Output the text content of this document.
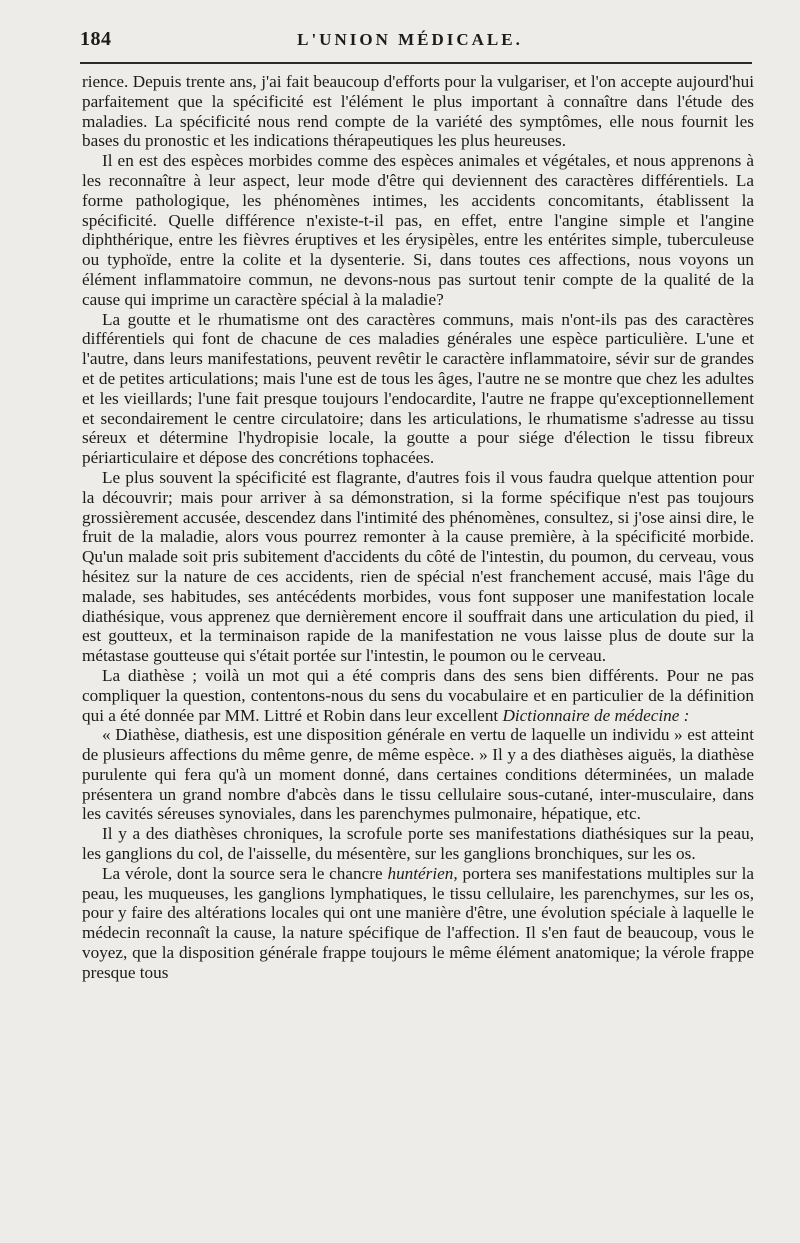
184	L'UNION MÉDICALE.

rience. Depuis trente ans, j'ai fait beaucoup d'efforts pour la vulgariser, et l'on accepte aujourd'hui parfaitement que la spécificité est l'élément le plus important à connaître dans l'étude des maladies. La spécificité nous rend compte de la variété des symptômes, elle nous fournit les bases du pronostic et les indications thérapeutiques les plus heureuses.

Il en est des espèces morbides comme des espèces animales et végétales, et nous apprenons à les reconnaître à leur aspect, leur mode d'être qui deviennent des caractères différentiels. La forme pathologique, les phénomènes intimes, les accidents concomitants, établissent la spécificité. Quelle différence n'existe-t-il pas, en effet, entre l'angine simple et l'angine diphthérique, entre les fièvres éruptives et les érysipèles, entre les entérites simple, tuberculeuse ou typhoïde, entre la colite et la dysenterie. Si, dans toutes ces affections, nous voyons un élément inflammatoire commun, ne devons-nous pas surtout tenir compte de la qualité de la cause qui imprime un caractère spécial à la maladie?

La goutte et le rhumatisme ont des caractères communs, mais n'ont-ils pas des caractères différentiels qui font de chacune de ces maladies générales une espèce particulière. L'une et l'autre, dans leurs manifestations, peuvent revêtir le caractère inflammatoire, sévir sur de grandes et de petites articulations; mais l'une est de tous les âges, l'autre ne se montre que chez les adultes et les vieillards; l'une fait presque toujours l'endocardite, l'autre ne frappe qu'exceptionnellement et secondairement le centre circulatoire; dans les articulations, le rhumatisme s'adresse au tissu séreux et détermine l'hydropisie locale, la goutte a pour siége d'élection le tissu fibreux périarticulaire et dépose des concrétions tophacées.

Le plus souvent la spécificité est flagrante, d'autres fois il vous faudra quelque attention pour la découvrir; mais pour arriver à sa démonstration, si la forme spécifique n'est pas toujours grossièrement accusée, descendez dans l'intimité des phénomènes, consultez, si j'ose ainsi dire, le fruit de la maladie, alors vous pourrez remonter à la cause première, à la spécificité morbide. Qu'un malade soit pris subitement d'accidents du côté de l'intestin, du poumon, du cerveau, vous hésitez sur la nature de ces accidents, rien de spécial n'est franchement accusé, mais l'âge du malade, ses habitudes, ses antécédents morbides, vous font supposer une manifestation locale diathésique, vous apprenez que dernièrement encore il souffrait dans une articulation du pied, il est goutteux, et la terminaison rapide de la manifestation ne vous laisse plus de doute sur la métastase goutteuse qui s'était portée sur l'intestin, le poumon ou le cerveau.

La diathèse ; voilà un mot qui a été compris dans des sens bien différents. Pour ne pas compliquer la question, contentons-nous du sens du vocabulaire et en particulier de la définition qui a été donnée par MM. Littré et Robin dans leur excellent Dictionnaire de médecine :

« Diathèse, diathesis, est une disposition générale en vertu de laquelle un individu » est atteint de plusieurs affections du même genre, de même espèce. » Il y a des diathèses aiguës, la diathèse purulente qui fera qu'à un moment donné, dans certaines conditions déterminées, un malade présentera un grand nombre d'abcès dans le tissu cellulaire sous-cutané, inter-musculaire, dans les cavités séreuses synoviales, dans les parenchymes pulmonaire, hépatique, etc.

Il y a des diathèses chroniques, la scrofule porte ses manifestations diathésiques sur la peau, les ganglions du col, de l'aisselle, du mésentère, sur les ganglions bronchiques, sur les os.

La vérole, dont la source sera le chancre huntérien, portera ses manifestations multiples sur la peau, les muqueuses, les ganglions lymphatiques, le tissu cellulaire, les parenchymes, sur les os, pour y faire des altérations locales qui ont une manière d'être, une évolution spéciale à laquelle le médecin reconnaît la cause, la nature spécifique de l'affection. Il s'en faut de beaucoup, vous le voyez, que la disposition générale frappe toujours le même élément anatomique; la vérole frappe presque tous
